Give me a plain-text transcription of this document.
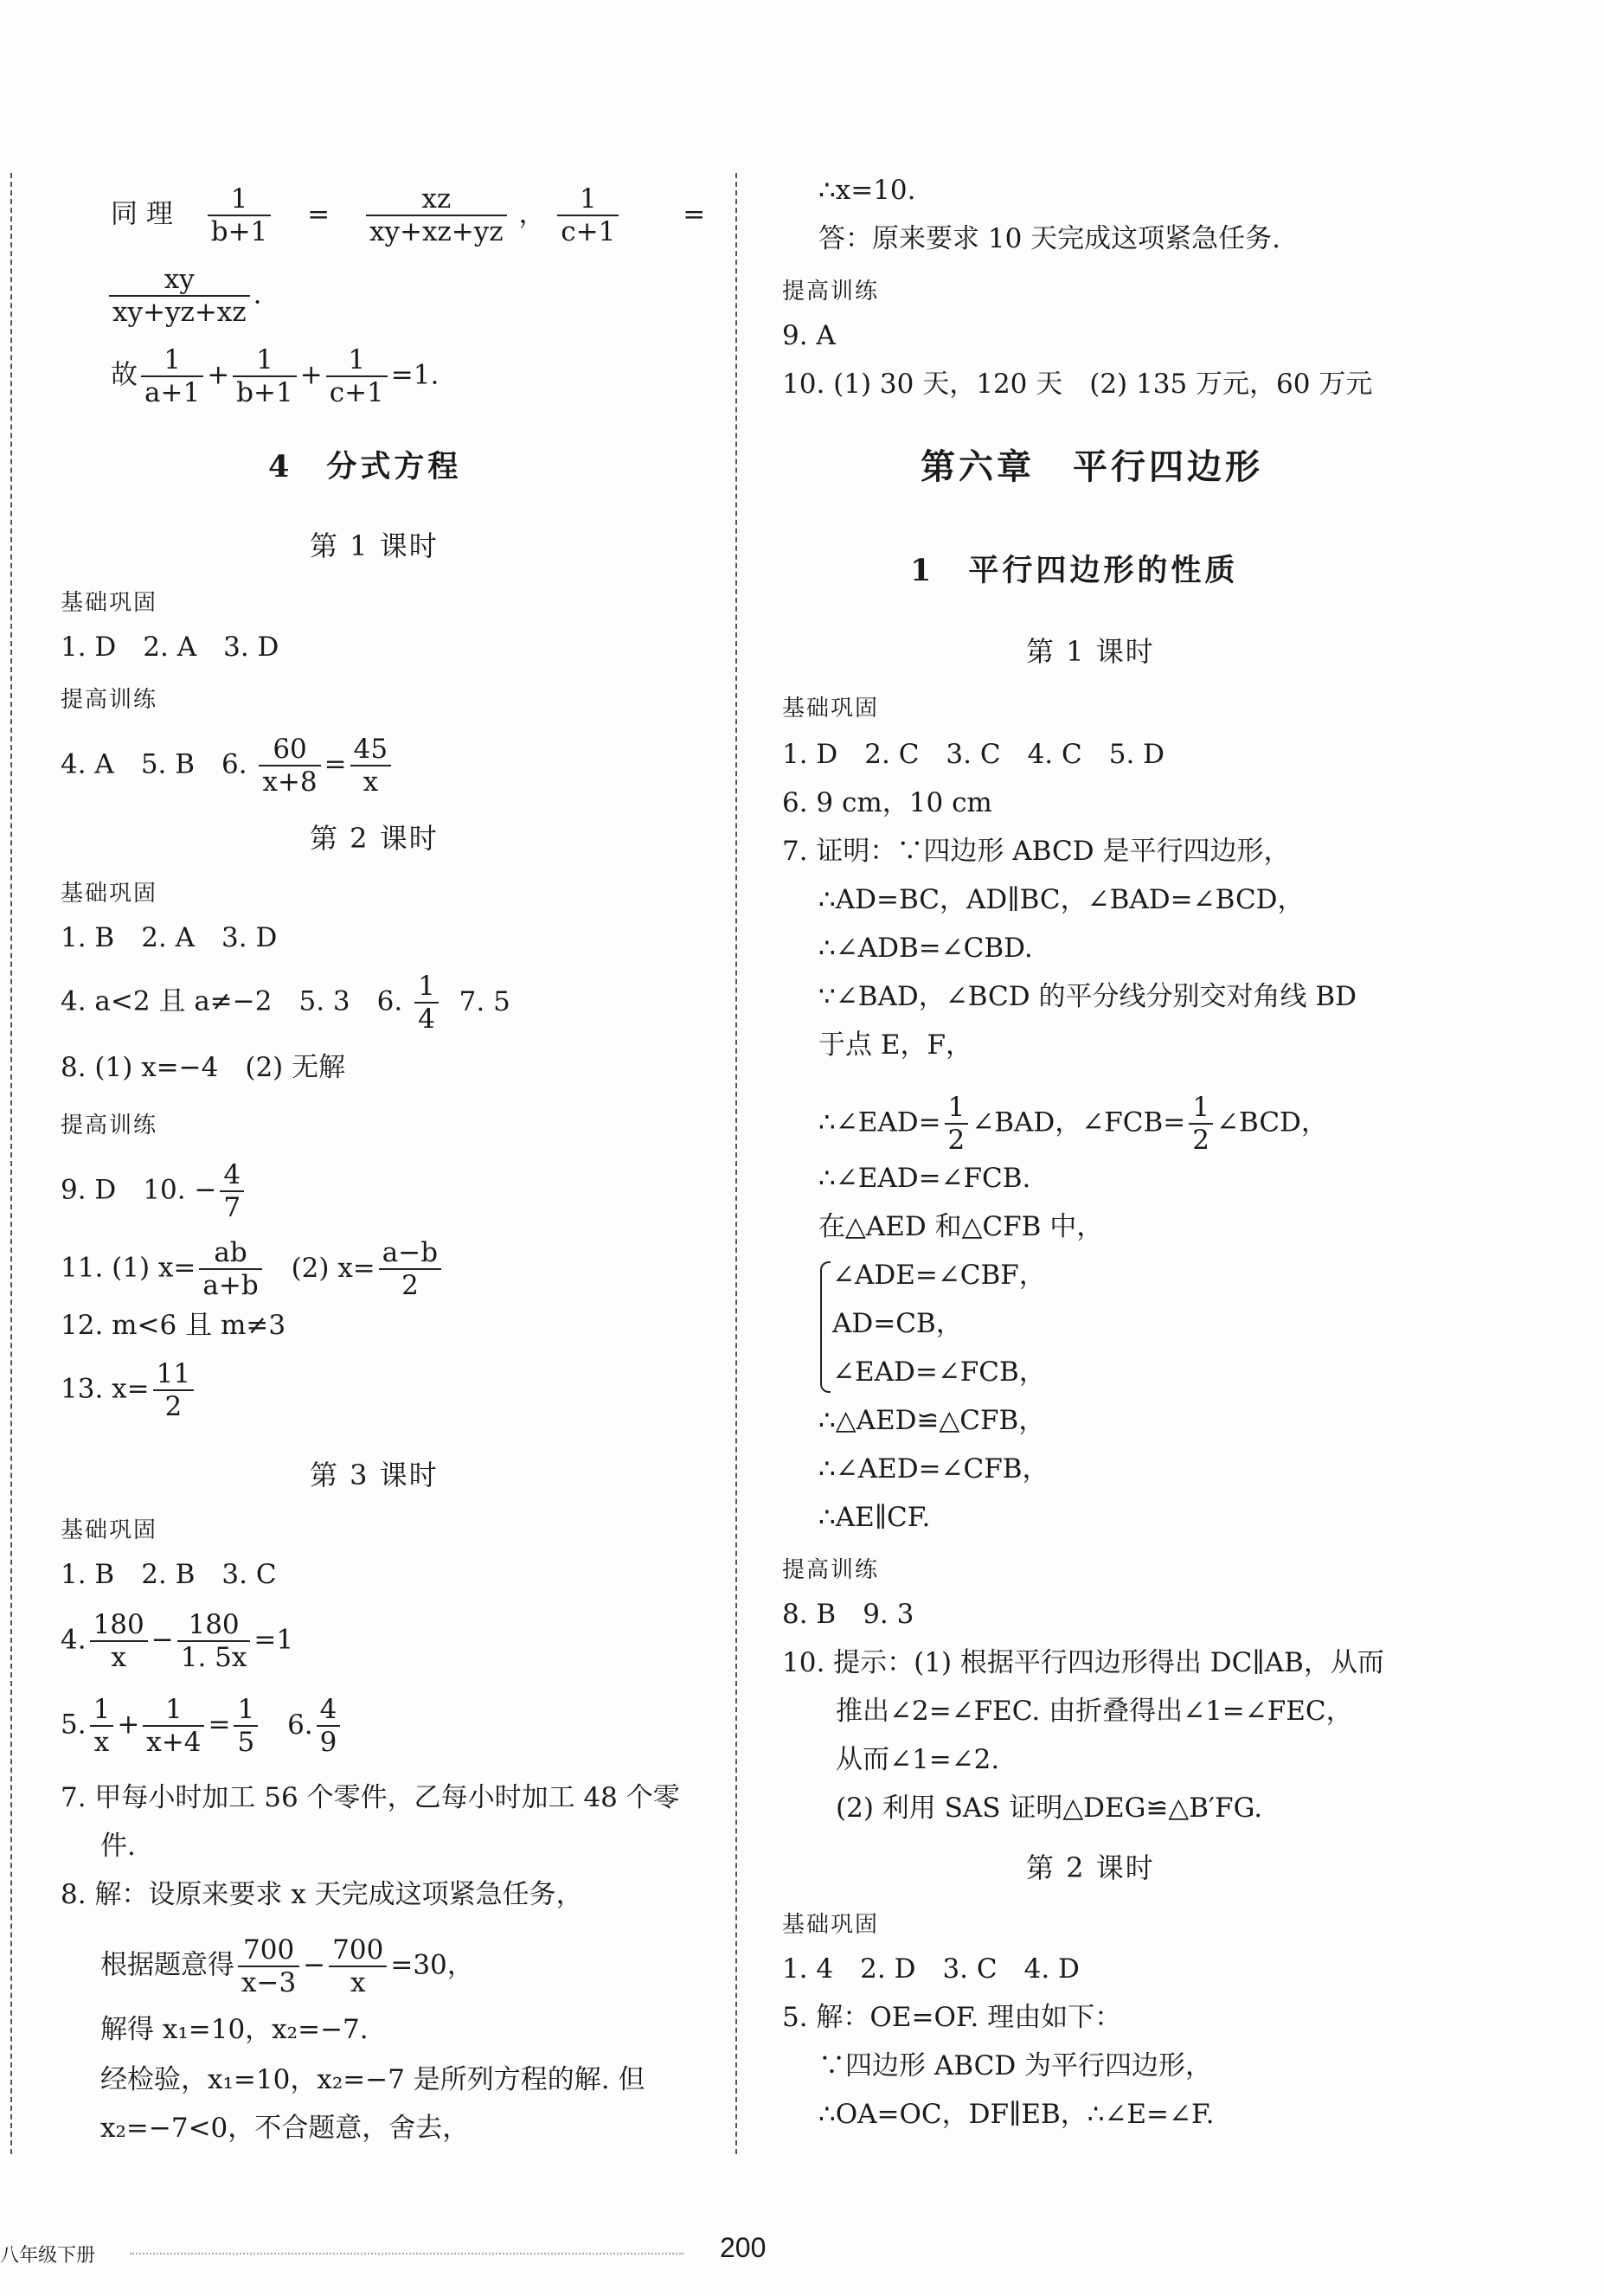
同 理 $\frac{1}{b+1} = \frac{xz}{xy+xz+yz}$ ， $\frac{1}{c+1}$ =
$\frac{xy}{xy+yz+xz}$ .
故 $\frac{1}{a+1} + \frac{1}{b+1} + \frac{1}{c+1} =1$.
4　分式方程
第 1 课时
基础巩固
1. D　2. A　3. D
提高训练
4. A　5. B　6. $\frac{60}{x+8} = \frac{45}{x}$
第 2 课时
基础巩固
1. B　2. A　3. D
4. a<2 且 a≠−2　5. 3　6. $\frac{1}{4} 7$. 5
8. (1) x=−4　(2) 无解
提高训练
9. D　10. − $\frac{4}{7}$
11. (1) $x= \frac{ab}{a+b} (2)$ $x= \frac{a-b}{2}$
12. m<6 且 m≠3
13. $x= \frac{11}{2}$
第 3 课时
基础巩固
1. B　2. B　3. C
4. $\frac{180}{x} - \frac{180}{1. 5x} =1$
5. $\frac{1}{x} + \frac{1}{x+4} = \frac{1}{5} 6$. $\frac{4}{9}$
7. 甲每小时加工 56 个零件，乙每小时加工 48 个零
件.
8. 解：设原来要求 x 天完成这项紧急任务，
根据题意得 $\frac{700}{x-3} - \frac{700}{x} =30$，
解得 x₁=10，x₂=−7.
经检验，x₁=10，x₂=−7 是所列方程的解. 但
x₂=−7<0，不合题意，舍去，
∴x=10.
答：原来要求 10 天完成这项紧急任务.
提高训练
9. A
10. (1) 30 天，120 天　(2) 135 万元，60 万元
第六章　平行四边形
1　平行四边形的性质
第 1 课时
基础巩固
1. D　2. C　3. C　4. C　5. D
6. 9 cm，10 cm
7. 证明：∵四边形 ABCD 是平行四边形，
∴AD=BC，AD∥BC，∠BAD=∠BCD，
∴∠ADB=∠CBD.
∵∠BAD，∠BCD 的平分线分别交对角线 BD
于点 E，F，
∴∠EAD= $\frac{1}{2}$ ∠BAD，∠FCB= $\frac{1}{2}$ ∠BCD，
∴∠EAD=∠FCB.
在△AED 和△CFB 中，
∠ADE=∠CBF，
AD=CB，
∠EAD=∠FCB，
∴△AED≌△CFB，
∴∠AED=∠CFB，
∴AE∥CF.
提高训练
8. B　9. 3
10. 提示：(1) 根据平行四边形得出 DC∥AB，从而
推出∠2=∠FEC. 由折叠得出∠1=∠FEC，
从而∠1=∠2.
(2) 利用 SAS 证明△DEG≌△B′FG.
第 2 课时
基础巩固
1. 4　2. D　3. C　4. D
5. 解：OE=OF. 理由如下：
∵四边形 ABCD 为平行四边形，
∴OA=OC，DF∥EB，∴∠E=∠F.
八年级下册	200
